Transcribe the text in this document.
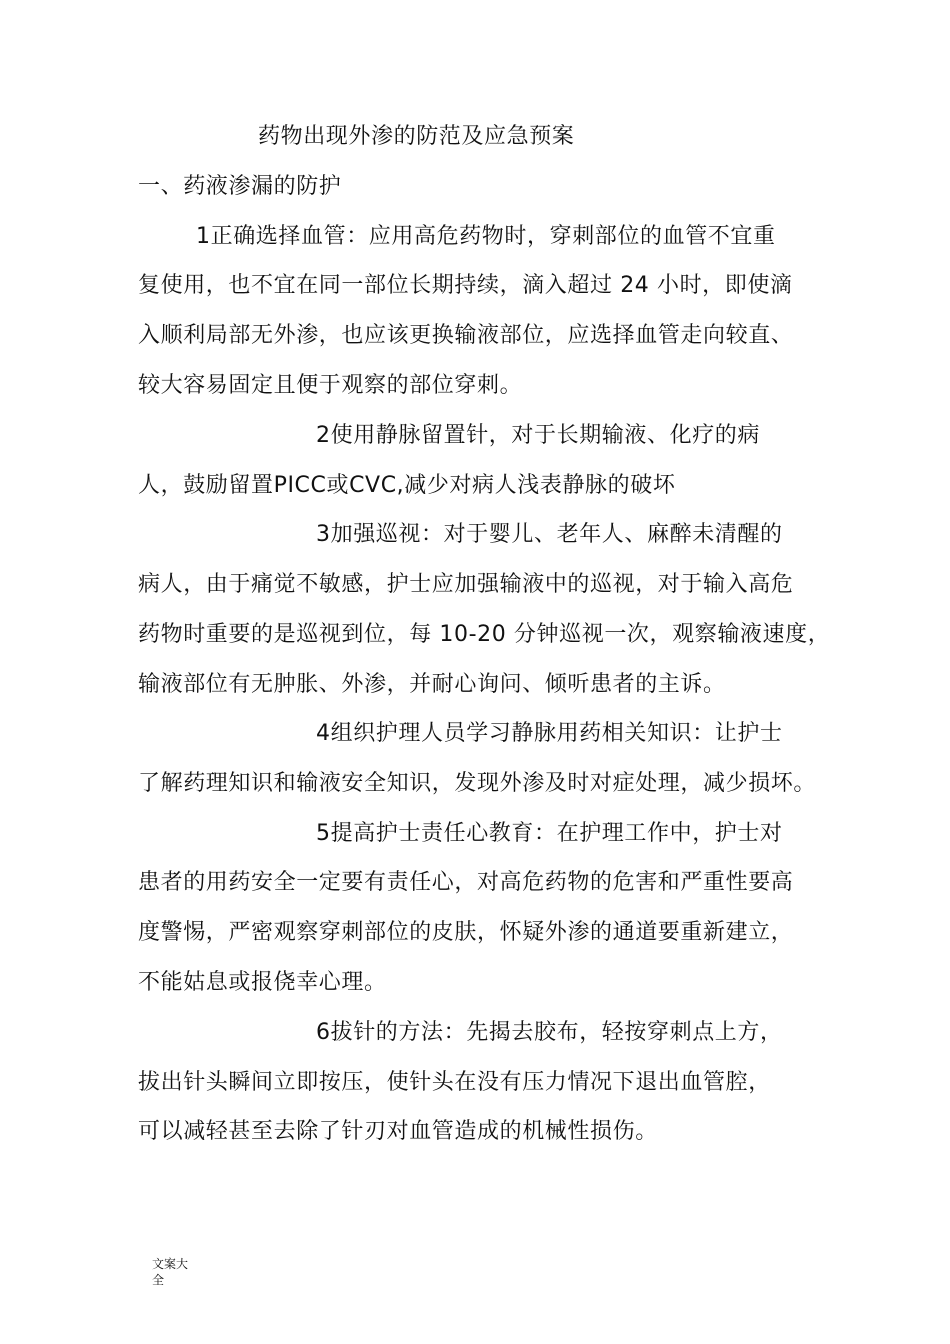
药物出现外渗的防范及应急预案
一、药液渗漏的防护
1正确选择血管：应用高危药物时，穿刺部位的血管不宜重
复使用，也不宜在同一部位长期持续，滴入超过 24 小时，即使滴
入顺利局部无外渗，也应该更换输液部位，应选择血管走向较直、
较大容易固定且便于观察的部位穿刺。
2使用静脉留置针，对于长期输液、化疗的病
人，鼓励留置PICC或CVC,减少对病人浅表静脉的破坏
3加强巡视：对于婴儿、老年人、麻醉未清醒的
病人，由于痛觉不敏感，护士应加强输液中的巡视，对于输入高危
药物时重要的是巡视到位，每 10-20 分钟巡视一次，观察输液速度，
输液部位有无肿胀、外渗，并耐心询问、倾听患者的主诉。
4组织护理人员学习静脉用药相关知识：让护士
了解药理知识和输液安全知识，发现外渗及时对症处理，减少损坏。
5提高护士责任心教育：在护理工作中，护士对
患者的用药安全一定要有责任心，对高危药物的危害和严重性要高
度警惕，严密观察穿刺部位的皮肤，怀疑外渗的通道要重新建立，
不能姑息或报侥幸心理。
6拔针的方法：先揭去胶布，轻按穿刺点上方，
拔出针头瞬间立即按压，使针头在没有压力情况下退出血管腔，
可以减轻甚至去除了针刃对血管造成的机械性损伤。
文案大全
